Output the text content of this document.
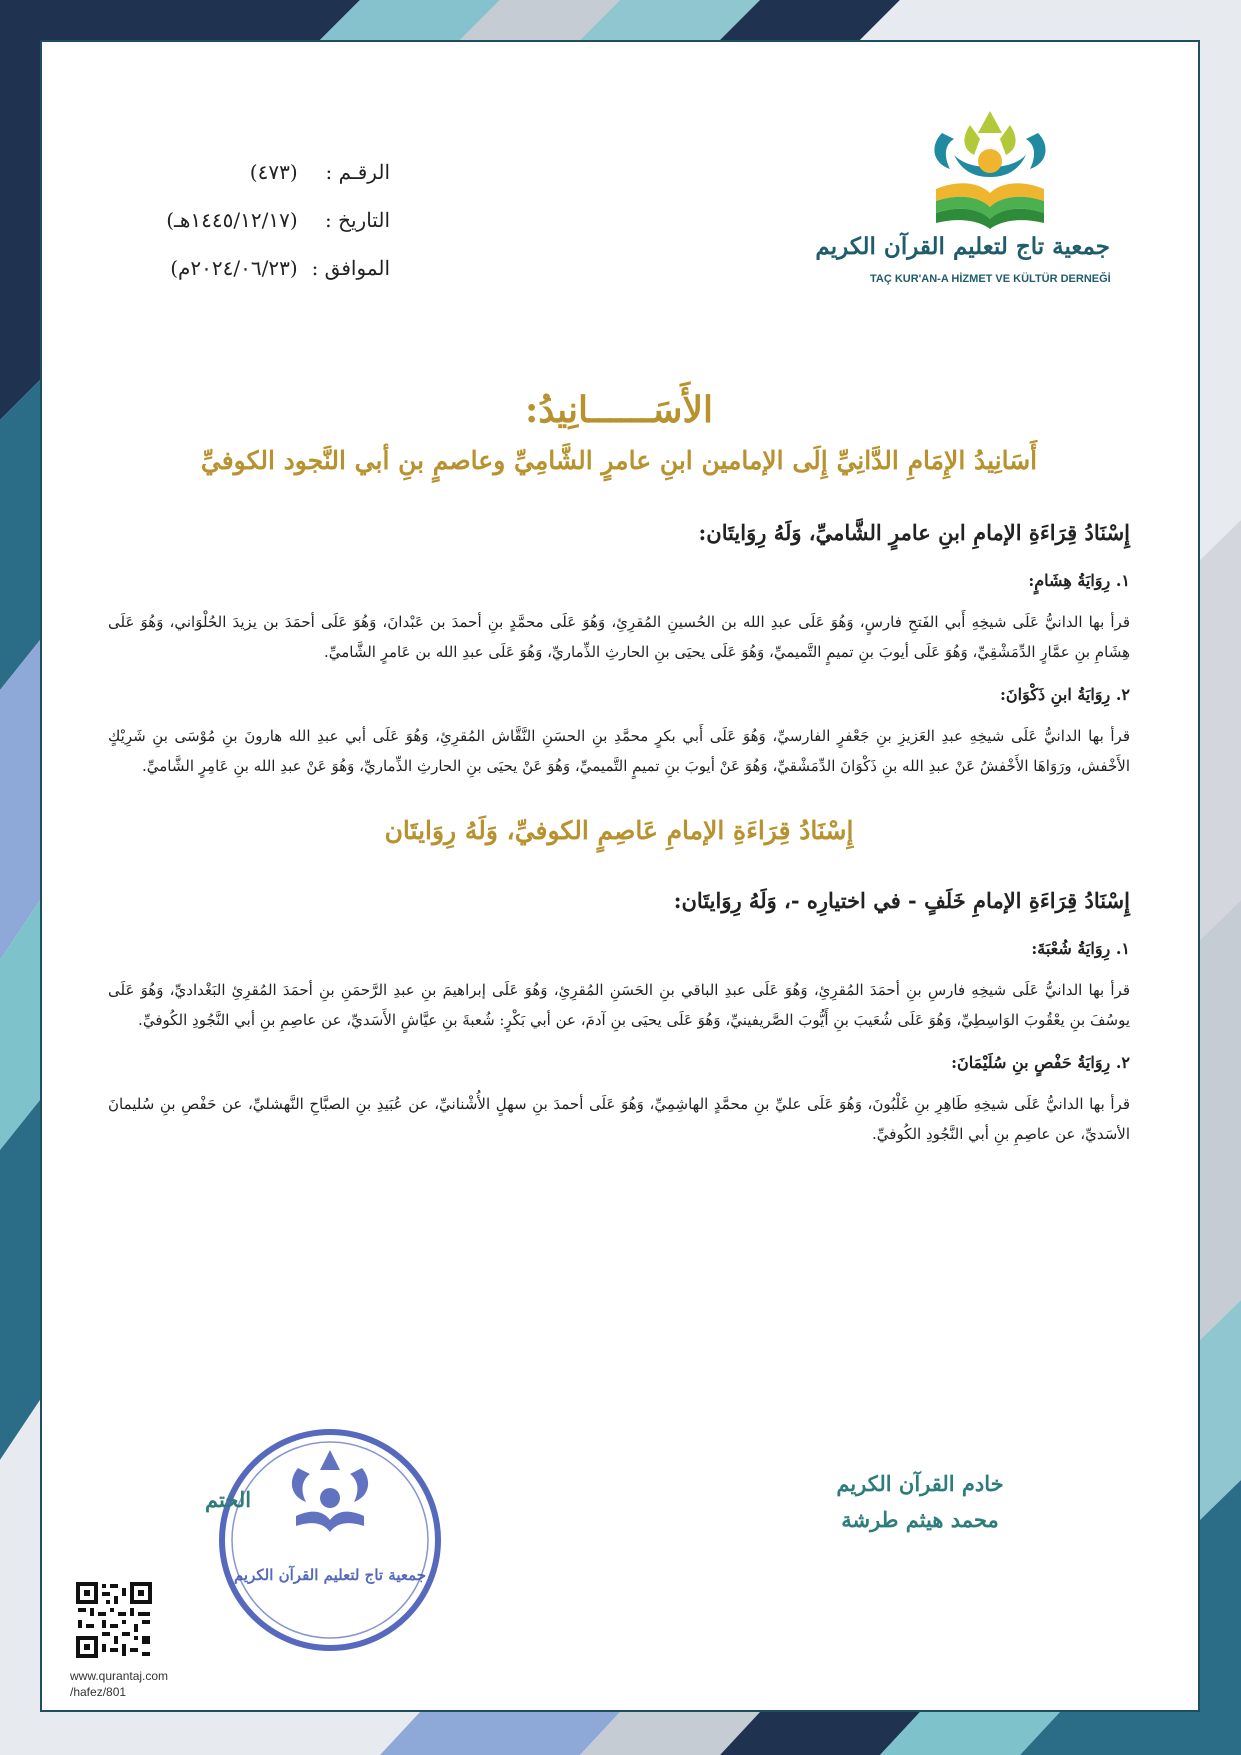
الرقـم : (٤٧٣)
التاريخ : (١٤٤٥/١٢/١٧هـ)
الموافق : (٢٠٢٤/٠٦/٢٣م)
جمعية تاج لتعليم القرآن الكريم
TAÇ KUR'AN-A HİZMET VE KÜLTÜR DERNEĞİ
الأَسَــــــانِيدُ:
أَسَانِيدُ الإِمَامِ الدَّانِيِّ إِلَى الإمامين ابنِ عامرٍ الشَّامِيِّ وعاصمٍ بنِ أبي النَّجود الكوفيِّ
إِسْنَادُ قِرَاءَةِ الإمامِ ابنِ عامرٍ الشَّاميِّ، وَلَهُ رِوَايتَان:
١. رِوَايَةُ هِشَامٍ:

قرأ بها الدانيُّ عَلَى شيخِهِ أَبي الفَتحِ فارسٍ، وَهُوَ عَلَى عبدِ الله بن الحُسينِ المُقرِئِ، وَهُوَ عَلَى محمَّدٍ بنِ أحمدَ بن عَبْدانَ، وَهُوَ عَلَى أحمَدَ بن يزيدَ الحُلْوَاني، وَهُوَ عَلَى هِشَامِ بنِ عمَّارٍ الدِّمَشْقِيِّ، وَهُوَ عَلَى أيوبَ بنِ تميمٍ التَّميميِّ، وَهُوَ عَلَى يحيَى بنِ الحارثِ الذِّماريِّ، وَهُوَ عَلَى عبدِ الله بن عَامرٍ الشَّاميِّ.

٢. رِوَايَةُ ابنِ ذَكْوَانَ:

قرأ بها الدانيُّ عَلَى شيخِهِ عبدِ العَزيزِ بنِ جَعْفرٍ الفارسيِّ، وَهُوَ عَلَى أَبي بكرٍ محمَّدِ بنِ الحسَنِ النَّقَّاش المُقرِئِ، وَهُوَ عَلَى أبي عبدِ الله هارونَ بنِ مُوْسَى بنِ شَرِيْكٍ الأَخْفش، ورَوَاهَا الأَخْفشُ عَنْ عبدِ الله بنِ ذَكْوَانَ الدِّمَشْقيِّ، وَهُوَ عَنْ أيوبَ بنِ تميمٍ التَّميميِّ، وَهُوَ عَنْ يحيَى بنِ الحارثِ الذِّماريِّ، وَهُوَ عَنْ عبدِ الله بنِ عَامِرٍ الشَّاميِّ.

إِسْنَادُ قِرَاءَةِ الإمامِ عَاصِمٍ الكوفيِّ، وَلَهُ رِوَايتَان
إِسْنَادُ قِرَاءَةِ الإمامِ خَلَفٍ - في اختيارِه -، وَلَهُ رِوَايتَان:
١. رِوَايَةُ شُعْبَةَ:

قرأ بها الدانيُّ عَلَى شيخِهِ فارسِ بنِ أحمَدَ المُقرِئِ، وَهُوَ عَلَى عبدِ الباقي بنِ الحَسَنِ المُقرِئِ، وَهُوَ عَلَى إبراهيمَ بنِ عبدِ الرَّحمَنِ بنِ أحمَدَ المُقرِئِ البَغْداديِّ، وَهُوَ عَلَى يوسُفَ بنِ يعْقُوبَ الوَاسِطِيِّ، وَهُوَ عَلَى شُعَيبَ بنِ أَيُّوبَ الصَّريفينيِّ، وَهُوَ عَلَى يحيَى بنِ آدمَ، عن أبي بَكْرٍ: شُعبةَ بنِ عيَّاشٍ الأَسَديِّ، عن عاصِمِ بنِ أبي النَّجُودِ الكُوفيِّ.

٢. رِوَايَةُ حَفْصٍ بنِ سُلَيْمَانَ:

قرأ بها الدانيُّ عَلَى شيخِهِ طَاهِرِ بنِ غَلْبُونَ، وَهُوَ عَلَى عليِّ بنِ محمَّدٍ الهاشِمِيِّ، وَهُوَ عَلَى أحمدَ بنِ سهلٍ الأُشْنانيِّ، عن عُبَيدِ بنِ الصبَّاحِ النَّهشليِّ، عن حَفْصِ بنِ سُليمانَ الأسَديِّ، عن عاصِمِ بنِ أبي النَّجُودِ الكُوفيِّ.

خادم القرآن الكريم
محمد هيثم طرشة
جمعية تاج لتعليم القرآن الكريم
الختم
www.qurantaj.com
/hafez/801
